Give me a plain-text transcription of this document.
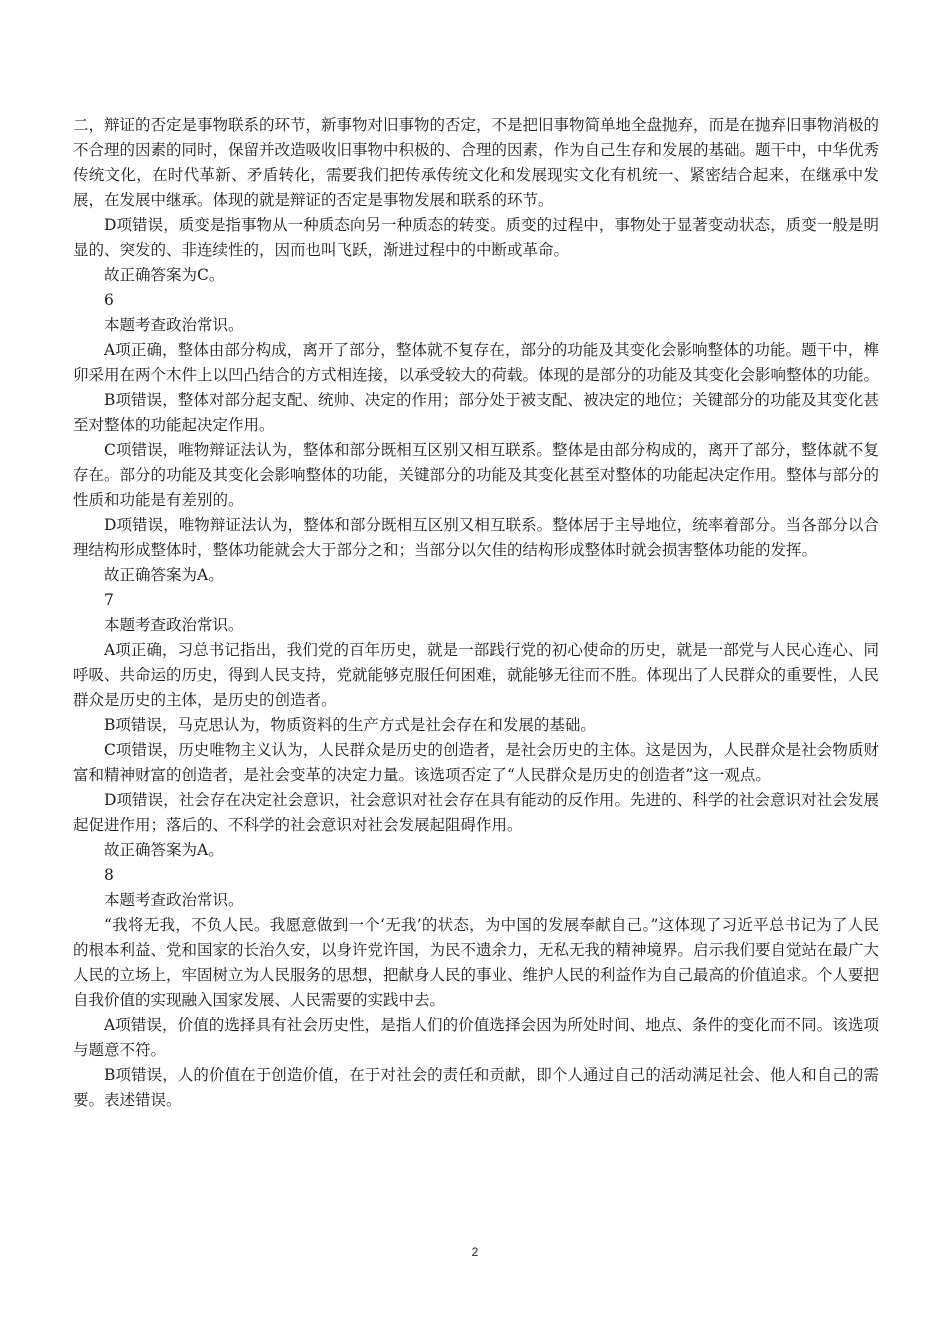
二，辩证的否定是事物联系的环节，新事物对旧事物的否定，不是把旧事物简单地全盘抛弃，而是在抛弃旧事物消极的不合理的因素的同时，保留并改造吸收旧事物中积极的、合理的因素，作为自己生存和发展的基础。题干中，中华优秀传统文化，在时代革新、矛盾转化，需要我们把传承传统文化和发展现实文化有机统一、紧密结合起来，在继承中发展，在发展中继承。体现的就是辩证的否定是事物发展和联系的环节。

D项错误，质变是指事物从一种质态向另一种质态的转变。质变的过程中，事物处于显著变动状态，质变一般是明显的、突发的、非连续性的，因而也叫飞跃，渐进过程中的中断或革命。

故正确答案为C。

6

本题考查政治常识。

A项正确，整体由部分构成，离开了部分，整体就不复存在，部分的功能及其变化会影响整体的功能。题干中，榫卯采用在两个木件上以凹凸结合的方式相连接，以承受较大的荷载。体现的是部分的功能及其变化会影响整体的功能。

B项错误，整体对部分起支配、统帅、决定的作用；部分处于被支配、被决定的地位；关键部分的功能及其变化甚至对整体的功能起决定作用。

C项错误，唯物辩证法认为，整体和部分既相互区别又相互联系。整体是由部分构成的，离开了部分，整体就不复存在。部分的功能及其变化会影响整体的功能，关键部分的功能及其变化甚至对整体的功能起决定作用。整体与部分的性质和功能是有差别的。

D项错误，唯物辩证法认为，整体和部分既相互区别又相互联系。整体居于主导地位，统率着部分。当各部分以合理结构形成整体时，整体功能就会大于部分之和；当部分以欠佳的结构形成整体时就会损害整体功能的发挥。

故正确答案为A。

7

本题考查政治常识。

A项正确，习总书记指出，我们党的百年历史，就是一部践行党的初心使命的历史，就是一部党与人民心连心、同呼吸、共命运的历史，得到人民支持，党就能够克服任何困难，就能够无往而不胜。体现出了人民群众的重要性，人民群众是历史的主体，是历史的创造者。

B项错误，马克思认为，物质资料的生产方式是社会存在和发展的基础。

C项错误，历史唯物主义认为，人民群众是历史的创造者，是社会历史的主体。这是因为，人民群众是社会物质财富和精神财富的创造者，是社会变革的决定力量。该选项否定了“人民群众是历史的创造者”这一观点。

D项错误，社会存在决定社会意识，社会意识对社会存在具有能动的反作用。先进的、科学的社会意识对社会发展起促进作用；落后的、不科学的社会意识对社会发展起阻碍作用。

故正确答案为A。

8

本题考查政治常识。

“我将无我，不负人民。我愿意做到一个‘无我’的状态，为中国的发展奉献自己。”这体现了习近平总书记为了人民的根本利益、党和国家的长治久安，以身许党许国，为民不遗余力，无私无我的精神境界。启示我们要自觉站在最广大人民的立场上，牢固树立为人民服务的思想，把献身人民的事业、维护人民的利益作为自己最高的价值追求。个人要把自我价值的实现融入国家发展、人民需要的实践中去。

A项错误，价值的选择具有社会历史性，是指人们的价值选择会因为所处时间、地点、条件的变化而不同。该选项与题意不符。

B项错误，人的价值在于创造价值，在于对社会的责任和贡献，即个人通过自己的活动满足社会、他人和自己的需要。表述错误。

2
